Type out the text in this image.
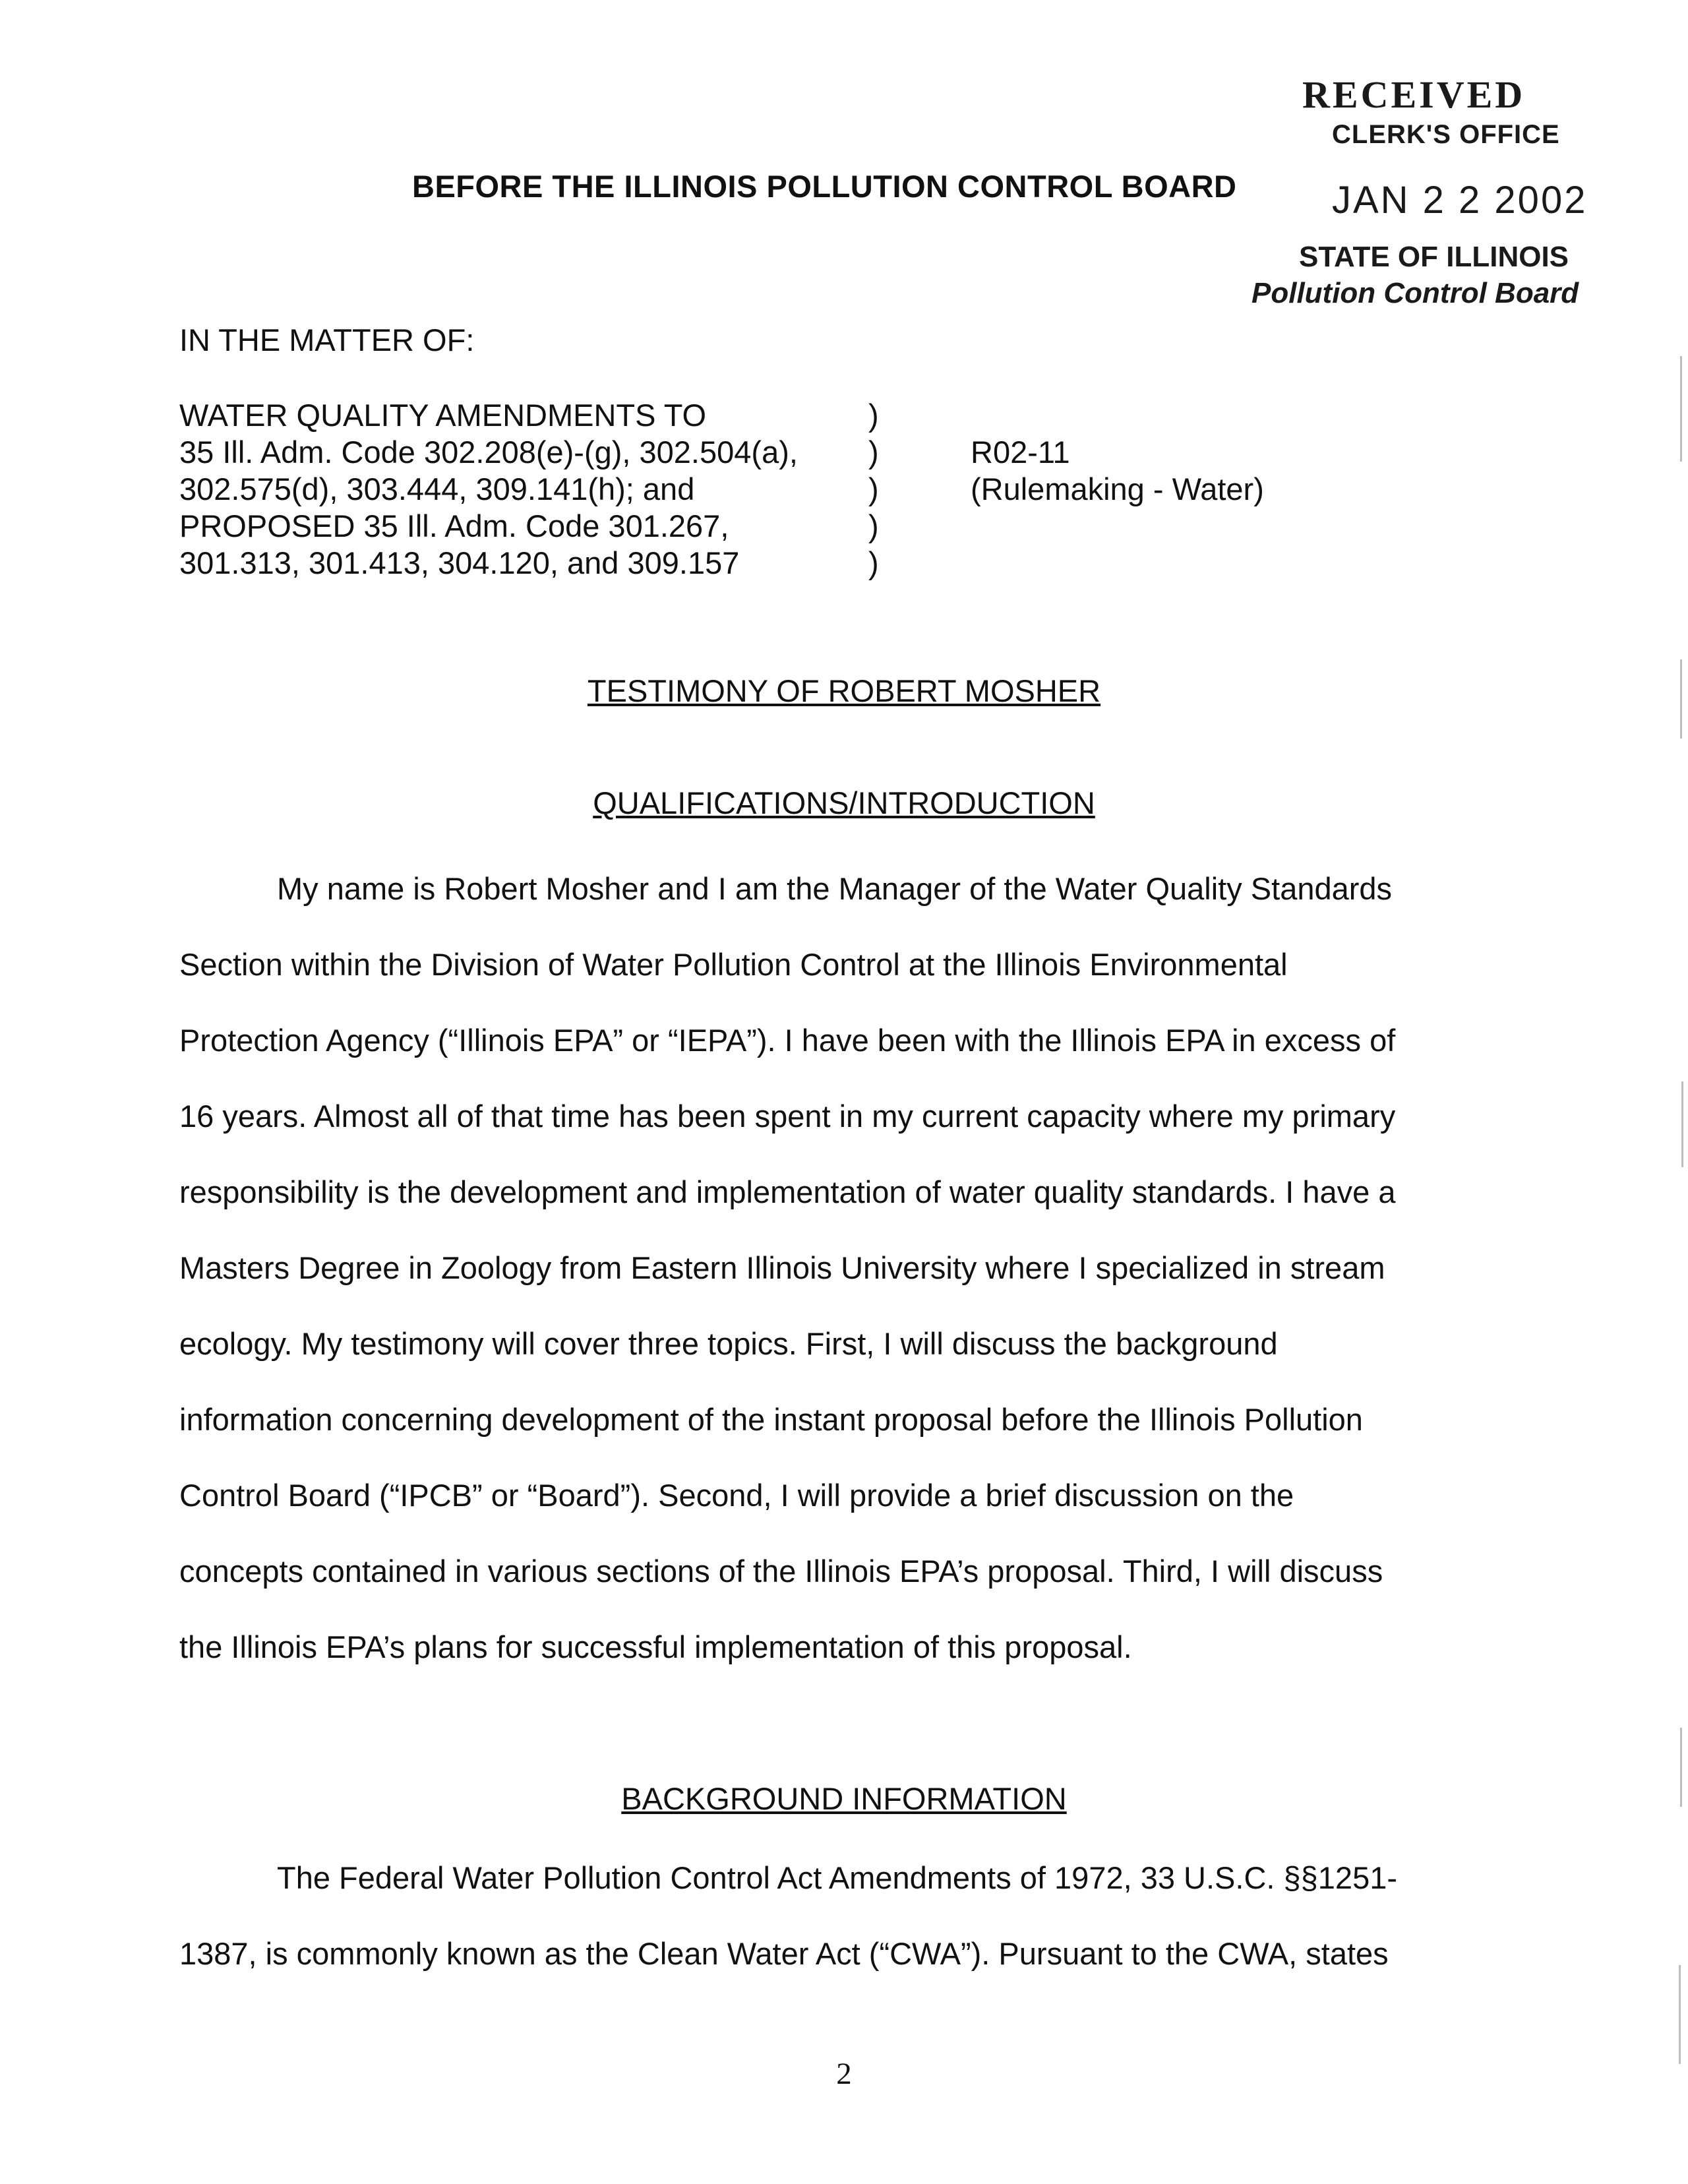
RECEIVED
CLERK'S OFFICE
JAN 2 2 2002
STATE OF ILLINOIS
Pollution Control Board
BEFORE THE ILLINOIS POLLUTION CONTROL BOARD
IN THE MATTER OF:
WATER QUALITY AMENDMENTS TO	)
35 Ill. Adm. Code 302.208(e)-(g), 302.504(a), )	R02-11
302.575(d), 303.444, 309.141(h); and	)	(Rulemaking - Water)
PROPOSED 35 Ill. Adm. Code 301.267,	)
301.313, 301.413, 304.120, and 309.157	)
TESTIMONY OF ROBERT MOSHER
QUALIFICATIONS/INTRODUCTION
My name is Robert Mosher and I am the Manager of the Water Quality Standards
Section within the Division of Water Pollution Control at the Illinois Environmental
Protection Agency (“Illinois EPA” or “IEPA”). I have been with the Illinois EPA in excess of
16 years. Almost all of that time has been spent in my current capacity where my primary
responsibility is the development and implementation of water quality standards. I have a
Masters Degree in Zoology from Eastern Illinois University where I specialized in stream
ecology. My testimony will cover three topics. First, I will discuss the background
information concerning development of the instant proposal before the Illinois Pollution
Control Board (“IPCB” or “Board”). Second, I will provide a brief discussion on the
concepts contained in various sections of the Illinois EPA’s proposal. Third, I will discuss
the Illinois EPA’s plans for successful implementation of this proposal.
BACKGROUND INFORMATION
The Federal Water Pollution Control Act Amendments of 1972, 33 U.S.C. §§1251-
1387, is commonly known as the Clean Water Act (“CWA”). Pursuant to the CWA, states
2
